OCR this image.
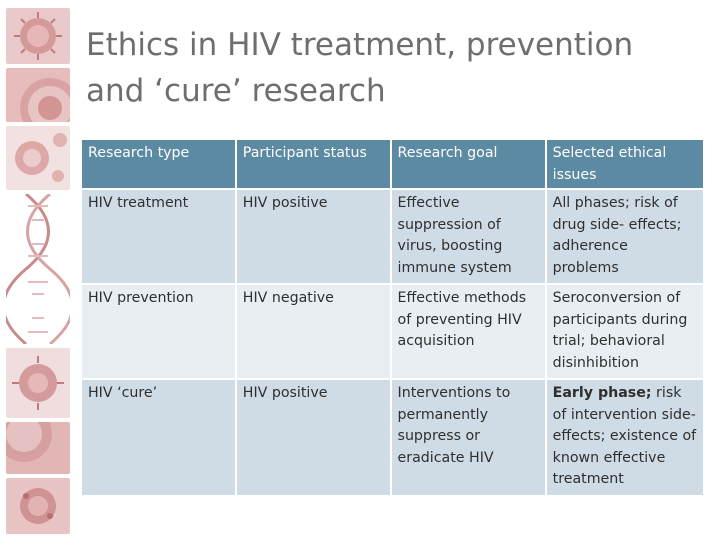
Ethics in HIV treatment, prevention
and ‘cure’ research
Research type	Participant status	Research goal	Selected ethical issues
HIV treatment	HIV positive	Effective suppression of virus, boosting immune system	All phases; risk of drug side- effects; adherence problems
HIV prevention	HIV negative	Effective methods of preventing HIV acquisition	Seroconversion of participants during trial; behavioral disinhibition
HIV ‘cure’	HIV positive	Interventions to permanently suppress or eradicate HIV	Early phase; risk of intervention side-effects; existence of known effective treatment
